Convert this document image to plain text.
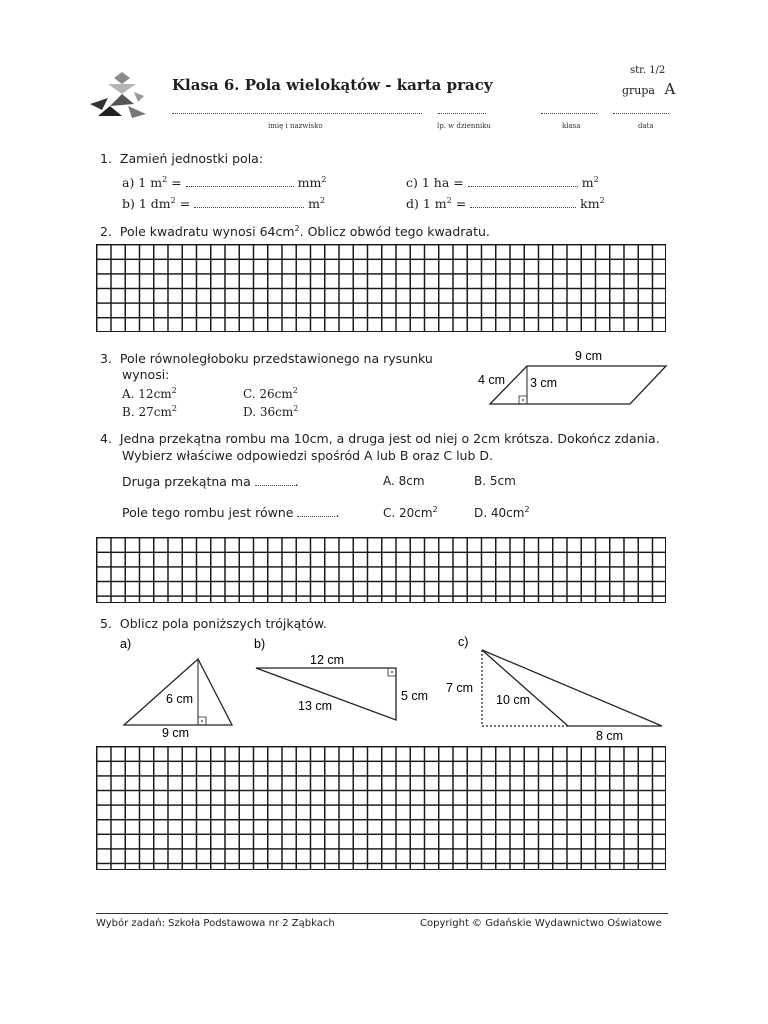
Klasa 6. Pola wielokątów - karta pracy
str. 1/2
grupa A
imię i nazwisko	lp. w dzienniku	klasa	data
1. Zamień jednostki pola:
a) 1 $m^2$ =	$mm^2$
b) 1 $dm^2$ =	$m^2$
c) 1 ha =	$m^2$
d) 1 $m^2$ =	$km^2$
2. Pole kwadratu wynosi $64cm^2$. Oblicz obwód tego kwadratu.
3. Pole równoległoboku przedstawionego na rysunku
wynosi:
A. $12cm^2$	C. $26cm^2$
B. $27cm^2$	D. $36cm^2$
9 cm
4 cm 3 cm
4. Jedna przekątna rombu ma 10cm, a druga jest od niej o 2cm krótsza. Dokończ zdania.
Wybierz właściwe odpowiedzi spośród A lub B oraz C lub D.
Druga przekątna ma	.
Pole tego rombu jest równe	.
A. 8cm	B. 5cm
C. $20cm^2$	D. $40cm^2$
5. Oblicz pola poniższych trójkątów.
a)
6 cm
9 cm
b)
12 cm
5 cm
13 cm
c)
7 cm
10 cm
8 cm
Wybór zadań: Szkoła Podstawowa nr 2 Ząbkach	Copyright © Gdańskie Wydawnictwo Oświatowe
